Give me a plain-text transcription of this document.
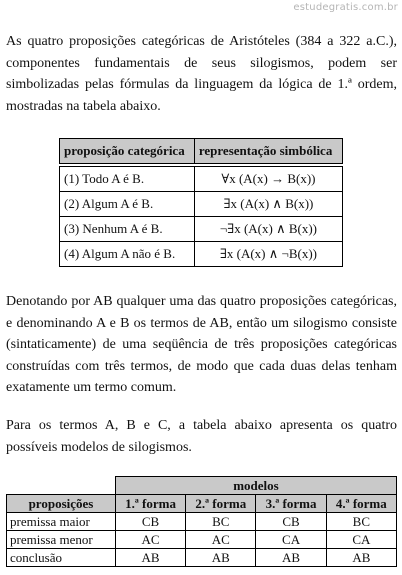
estudegratis.com.br

As quatro proposições categóricas de Aristóteles (384 a 322 a.C.), componentes fundamentais de seus silogismos, podem ser simbolizadas pelas fórmulas da linguagem da lógica de 1.ª ordem, mostradas na tabela abaixo.

proposição categórica	representação simbólica

(1) Todo A é B.	∀x (A(x) → B(x))
(2) Algum A é B.	∃x (A(x) ∧ B(x))
(3) Nenhum A é B.	¬∃x (A(x) ∧ B(x))
(4) Algum A não é B.	∃x (A(x) ∧ ¬B(x))

Denotando por AB qualquer uma das quatro proposições categóricas, e denominando A e B os termos de AB, então um silogismo consiste (sintaticamente) de uma seqüência de três proposições categóricas construídas com três termos, de modo que cada duas delas tenham exatamente um termo comum.

Para os termos A, B e C, a tabela abaixo apresenta os quatro possíveis modelos de silogismos.

	modelos			
proposições	1.ª forma	2.ª forma	3.ª forma	4.ª forma
premissa maior	CB	BC	CB	BC
premissa menor	AC	AC	CA	CA
conclusão	AB	AB	AB	AB
